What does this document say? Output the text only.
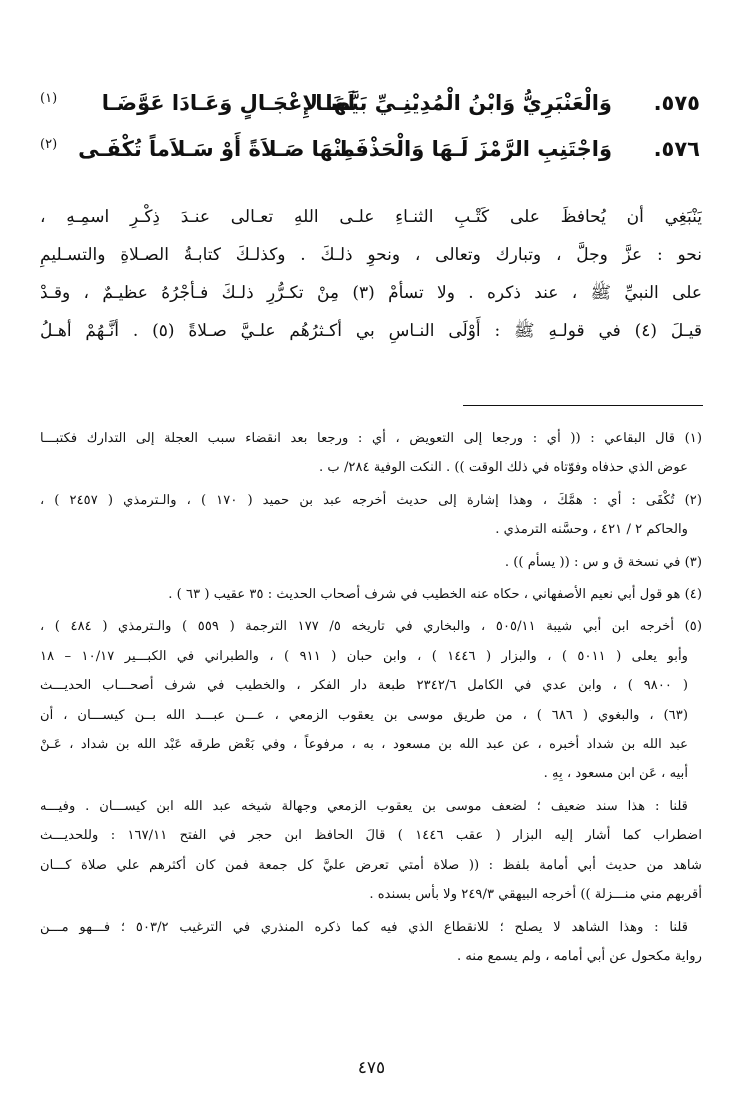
٥٧٥.
وَالْعَنْبَرِيُّ وَابْنُ الْمُدِيْنِـيِّ بَيَّضَـا
لَهَا لإِعْجَـالٍ وَعَـادَا عَوَّضَـا
(١)
٥٧٦.
وَاجْتَنِبِ الرَّمْزَ لَـهَا وَالْحَذْفَـا
مِنْهَا صَـلاَةً أَوْ سَـلاَماً تُكْفَـى
(٢)
يَنْبَغِي أن يُحافظَ على كَتْـبِ الثنـاءِ علـى اللهِ تعـالى عنـدَ ذِكْـرِ اسمِـهِ ،
نحو : عزَّ وجلَّ ، وتبارك وتعالى ، ونحوِ ذلـكَ . وكذلـكَ كتابـةُ الصـلاةِ والتسـليمِ
على النبيِّ ﷺ ، عند ذكره . ولا تسأمْ (٣) مِنْ تكـرُّرِ ذلـكَ فـأجْرُهُ عظيـمٌ ، وقـدْ
قيـلَ (٤) في قولـهِ ﷺ : أَوْلَى النـاسِ بي أكـثرُهُم علـيَّ صـلاةً (٥) . أنَّـهُمْ أهـلُ
(١) قال البقاعي : (( أي : ورجعا إلى التعويض ، أي : ورجعا بعد انقضاء سبب العجلة إلى التدارك فكتبـــا
عوض الذي حذفاه وفوّتاه في ذلك الوقت )) . النكت الوفية ٢٨٤/ ب .
(٢) تُكْفَى : أي : همَّكَ ، وهذا إشارة إلى حديث أخرجه عبد بن حميد ( ١٧٠ ) ، والـترمذي ( ٢٤٥٧ ) ،
والحاكم ٢ / ٤٢١ ، وحسَّنه الترمذي .
(٣) في نسخة ق و س : (( يسأم )) .
(٤) هو قول أبي نعيم الأصفهاني ، حكاه عنه الخطيب في شرف أصحاب الحديث : ٣٥ عقيب ( ٦٣ ) .
(٥) أخرجه ابن أبي شيبة ٥٠٥/١١ ، والبخاري في تاريخه ٥/ ١٧٧ الترجمة ( ٥٥٩ ) والـترمذي ( ٤٨٤ ) ،
وأبو يعلى ( ٥٠١١ ) ، والبزار ( ١٤٤٦ ) ، وابن حبان ( ٩١١ ) ، والطبراني في الكبـــير ١٠/١٧ – ١٨
( ٩٨٠٠ ) ، وابن عدي في الكامل ٢٣٤٢/٦ طبعة دار الفكر ، والخطيب في شرف أصحـــاب الحديـــث
(٦٣) ، والبغوي ( ٦٨٦ ) ، من طريق موسى بن يعقوب الزمعي ، عـــن عبـــد الله بــن كيســـان ، أن
عبد الله بن شداد أخبره ، عن عبد الله بن مسعود ، به ، مرفوعاً ، وفي بَعْض طرقه عَبْد الله بن شداد ، عَـنْ
أبيه ، عَن ابن مسعود ، بِهِ .
قلنا : هذا سند ضعيف ؛ لضعف موسى بن يعقوب الزمعي وجهالة شيخه عبد الله ابن كيســـان . وفيـــه
اضطراب كما أشار إليه البزار ( عقب ١٤٤٦ ) قالَ الحافظ ابن حجر في الفتح ١٦٧/١١ : وللحديـــث
شاهد من حديث أبي أمامة بلفظ : (( صلاة أمتي تعرض عليَّ كل جمعة فمن كان أكثرهم علي صلاة كـــان
أقربهم مني منـــزلة )) أخرجه البيهقي ٢٤٩/٣ ولا بأس بسنده .
قلنا : وهذا الشاهد لا يصلح ؛ للانقطاع الذي فيه كما ذكره المنذري في الترغيب ٥٠٣/٢ ؛ فـــهو مـــن
رواية مكحول عن أبي أمامه ، ولم يسمع منه .
٤٧٥
